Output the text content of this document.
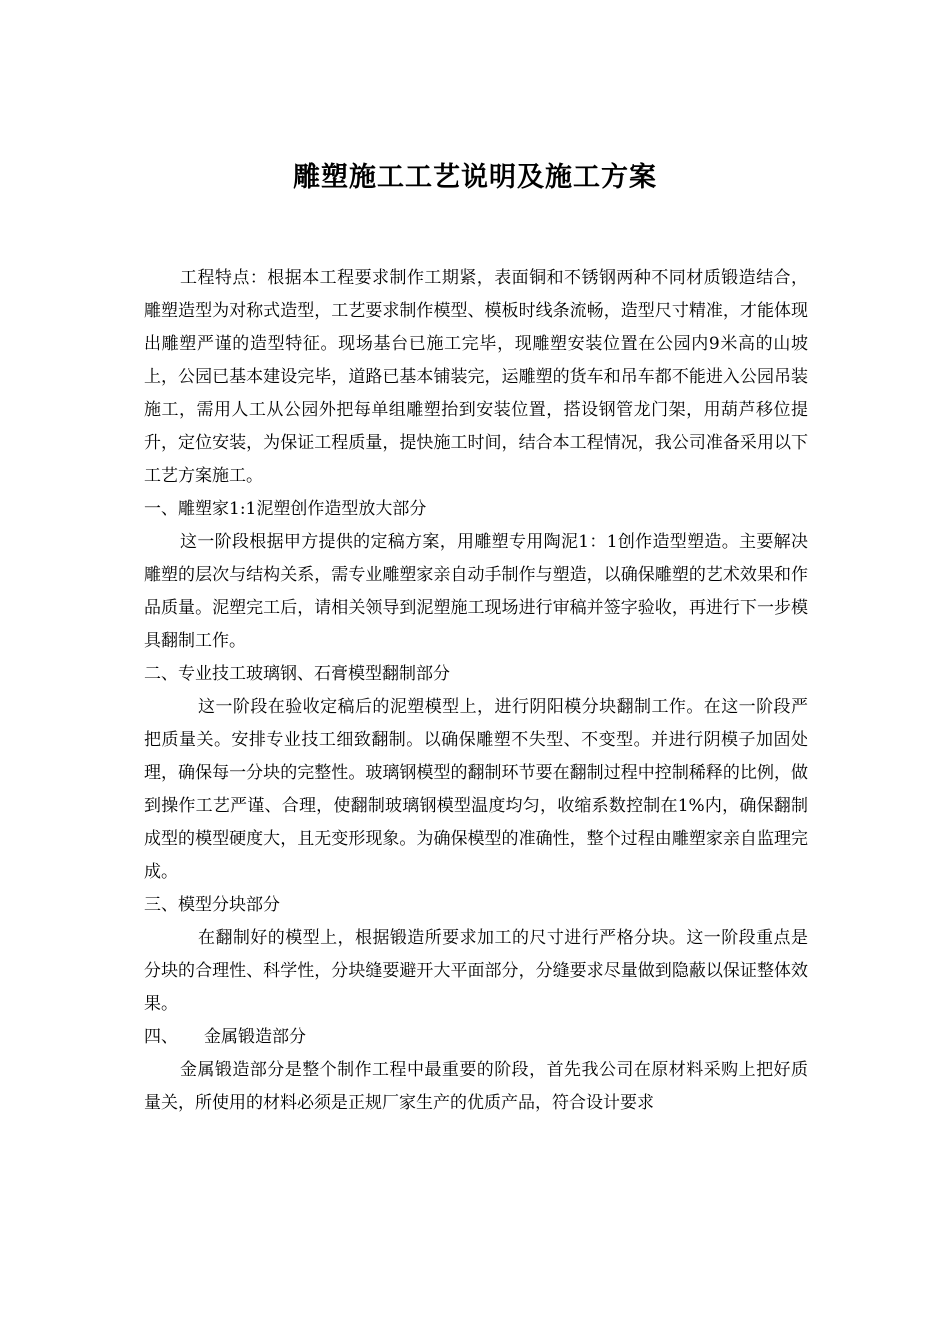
雕塑施工工艺说明及施工方案

工程特点：根据本工程要求制作工期紧，表面铜和不锈钢两种不同材质锻造结合，雕塑造型为对称式造型，工艺要求制作模型、模板时线条流畅，造型尺寸精准，才能体现出雕塑严谨的造型特征。现场基台已施工完毕，现雕塑安装位置在公园内9米高的山坡上，公园已基本建设完毕，道路已基本铺装完，运雕塑的货车和吊车都不能进入公园吊装施工，需用人工从公园外把每单组雕塑抬到安装位置，搭设钢管龙门架，用葫芦移位提升，定位安装，为保证工程质量，提快施工时间，结合本工程情况，我公司准备采用以下工艺方案施工。

一、雕塑家1:1泥塑创作造型放大部分

这一阶段根据甲方提供的定稿方案，用雕塑专用陶泥1：1创作造型塑造。主要解决雕塑的层次与结构关系，需专业雕塑家亲自动手制作与塑造，以确保雕塑的艺术效果和作品质量。泥塑完工后，请相关领导到泥塑施工现场进行审稿并签字验收，再进行下一步模具翻制工作。

二、专业技工玻璃钢、石膏模型翻制部分

这一阶段在验收定稿后的泥塑模型上，进行阴阳模分块翻制工作。在这一阶段严把质量关。安排专业技工细致翻制。以确保雕塑不失型、不变型。并进行阴模子加固处理，确保每一分块的完整性。玻璃钢模型的翻制环节要在翻制过程中控制稀释的比例，做到操作工艺严谨、合理，使翻制玻璃钢模型温度均匀，收缩系数控制在1%内，确保翻制成型的模型硬度大，且无变形现象。为确保模型的准确性，整个过程由雕塑家亲自监理完成。

三、模型分块部分

在翻制好的模型上，根据锻造所要求加工的尺寸进行严格分块。这一阶段重点是分块的合理性、科学性，分块缝要避开大平面部分，分缝要求尽量做到隐蔽以保证整体效果。

四、 金属锻造部分

金属锻造部分是整个制作工程中最重要的阶段，首先我公司在原材料采购上把好质量关，所使用的材料必须是正规厂家生产的优质产品，符合设计要求
